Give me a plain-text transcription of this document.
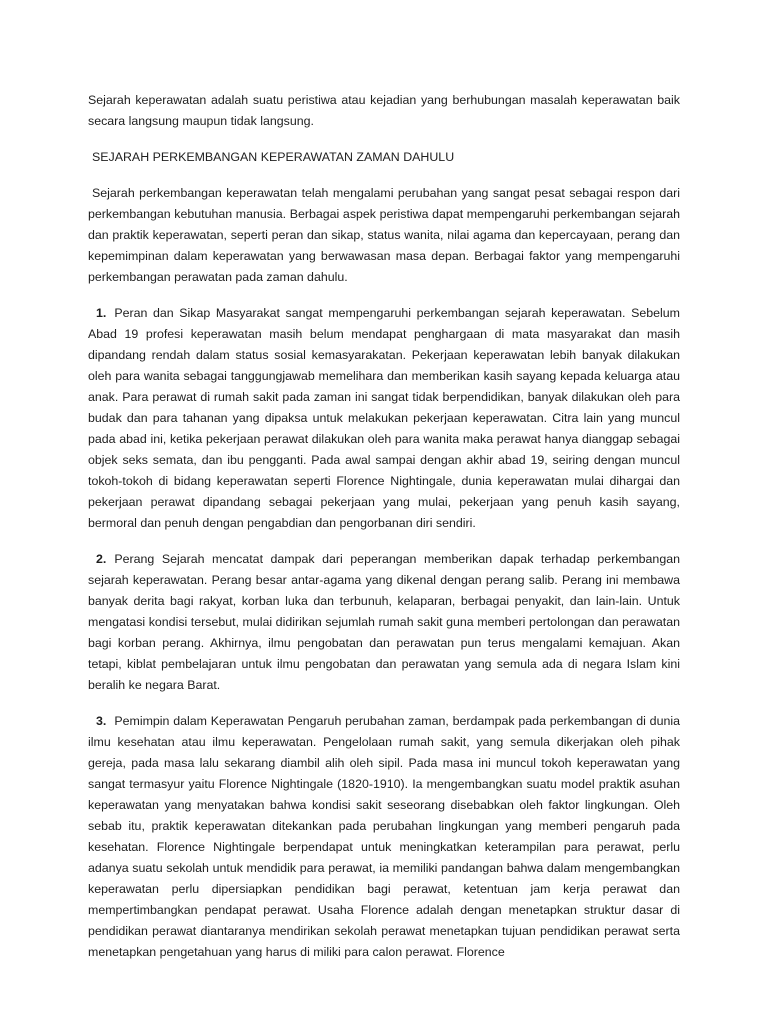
Sejarah keperawatan adalah suatu peristiwa atau kejadian yang berhubungan masalah keperawatan baik secara langsung maupun tidak langsung.

SEJARAH PERKEMBANGAN KEPERAWATAN ZAMAN DAHULU

Sejarah perkembangan keperawatan telah mengalami perubahan yang sangat pesat sebagai respon dari perkembangan kebutuhan manusia. Berbagai aspek peristiwa dapat mempengaruhi perkembangan sejarah dan praktik keperawatan, seperti peran dan sikap, status wanita, nilai agama dan kepercayaan, perang dan kepemimpinan dalam keperawatan yang berwawasan masa depan. Berbagai faktor yang mempengaruhi perkembangan perawatan pada zaman dahulu.

1. Peran dan Sikap Masyarakat sangat mempengaruhi perkembangan sejarah keperawatan. Sebelum Abad 19 profesi keperawatan masih belum mendapat penghargaan di mata masyarakat dan masih dipandang rendah dalam status sosial kemasyarakatan. Pekerjaan keperawatan lebih banyak dilakukan oleh para wanita sebagai tanggungjawab memelihara dan memberikan kasih sayang kepada keluarga atau anak. Para perawat di rumah sakit pada zaman ini sangat tidak berpendidikan, banyak dilakukan oleh para budak dan para tahanan yang dipaksa untuk melakukan pekerjaan keperawatan. Citra lain yang muncul pada abad ini, ketika pekerjaan perawat dilakukan oleh para wanita maka perawat hanya dianggap sebagai objek seks semata, dan ibu pengganti. Pada awal sampai dengan akhir abad 19, seiring dengan muncul tokoh-tokoh di bidang keperawatan seperti Florence Nightingale, dunia keperawatan mulai dihargai dan pekerjaan perawat dipandang sebagai pekerjaan yang mulai, pekerjaan yang penuh kasih sayang, bermoral dan penuh dengan pengabdian dan pengorbanan diri sendiri.

2. Perang Sejarah mencatat dampak dari peperangan memberikan dapak terhadap perkembangan sejarah keperawatan. Perang besar antar-agama yang dikenal dengan perang salib. Perang ini membawa banyak derita bagi rakyat, korban luka dan terbunuh, kelaparan, berbagai penyakit, dan lain-lain. Untuk mengatasi kondisi tersebut, mulai didirikan sejumlah rumah sakit guna memberi pertolongan dan perawatan bagi korban perang. Akhirnya, ilmu pengobatan dan perawatan pun terus mengalami kemajuan. Akan tetapi, kiblat pembelajaran untuk ilmu pengobatan dan perawatan yang semula ada di negara Islam kini beralih ke negara Barat.

3. Pemimpin dalam Keperawatan Pengaruh perubahan zaman, berdampak pada perkembangan di dunia ilmu kesehatan atau ilmu keperawatan. Pengelolaan rumah sakit, yang semula dikerjakan oleh pihak gereja, pada masa lalu sekarang diambil alih oleh sipil. Pada masa ini muncul tokoh keperawatan yang sangat termasyur yaitu Florence Nightingale (1820-1910). Ia mengembangkan suatu model praktik asuhan keperawatan yang menyatakan bahwa kondisi sakit seseorang disebabkan oleh faktor lingkungan. Oleh sebab itu, praktik keperawatan ditekankan pada perubahan lingkungan yang memberi pengaruh pada kesehatan. Florence Nightingale berpendapat untuk meningkatkan keterampilan para perawat, perlu adanya suatu sekolah untuk mendidik para perawat, ia memiliki pandangan bahwa dalam mengembangkan keperawatan perlu dipersiapkan pendidikan bagi perawat, ketentuan jam kerja perawat dan mempertimbangkan pendapat perawat. Usaha Florence adalah dengan menetapkan struktur dasar di pendidikan perawat diantaranya mendirikan sekolah perawat menetapkan tujuan pendidikan perawat serta menetapkan pengetahuan yang harus di miliki para calon perawat. Florence
